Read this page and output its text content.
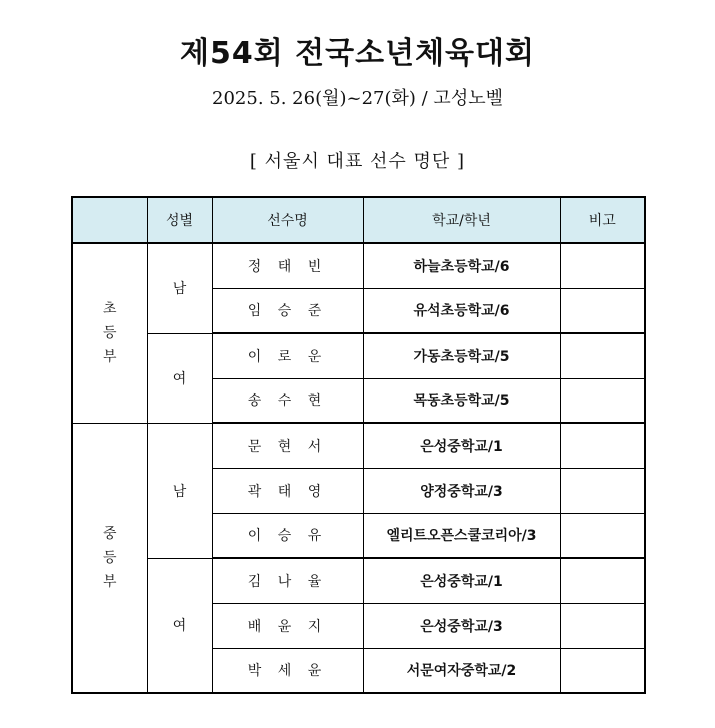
제54회 전국소년체육대회
2025. 5. 26(월)~27(화) / 고성노벨
[ 서울시 대표 선수 명단 ]
	성별	선수명	학교/학년	비고

초
등
부	남	정 태 빈	하늘초등학교/6	
		임 승 준	유석초등학교/6	
	여	이 로 운	가동초등학교/5	
		송 수 현	목동초등학교/5	

중
등
부	남	문 현 서	은성중학교/1	
		곽 태 영	양정중학교/3	
		이 승 유	엘리트오픈스쿨코리아/3	
	여	김 나 율	은성중학교/1	
		배 윤 지	은성중학교/3	
		박 세 윤	서문여자중학교/2	
